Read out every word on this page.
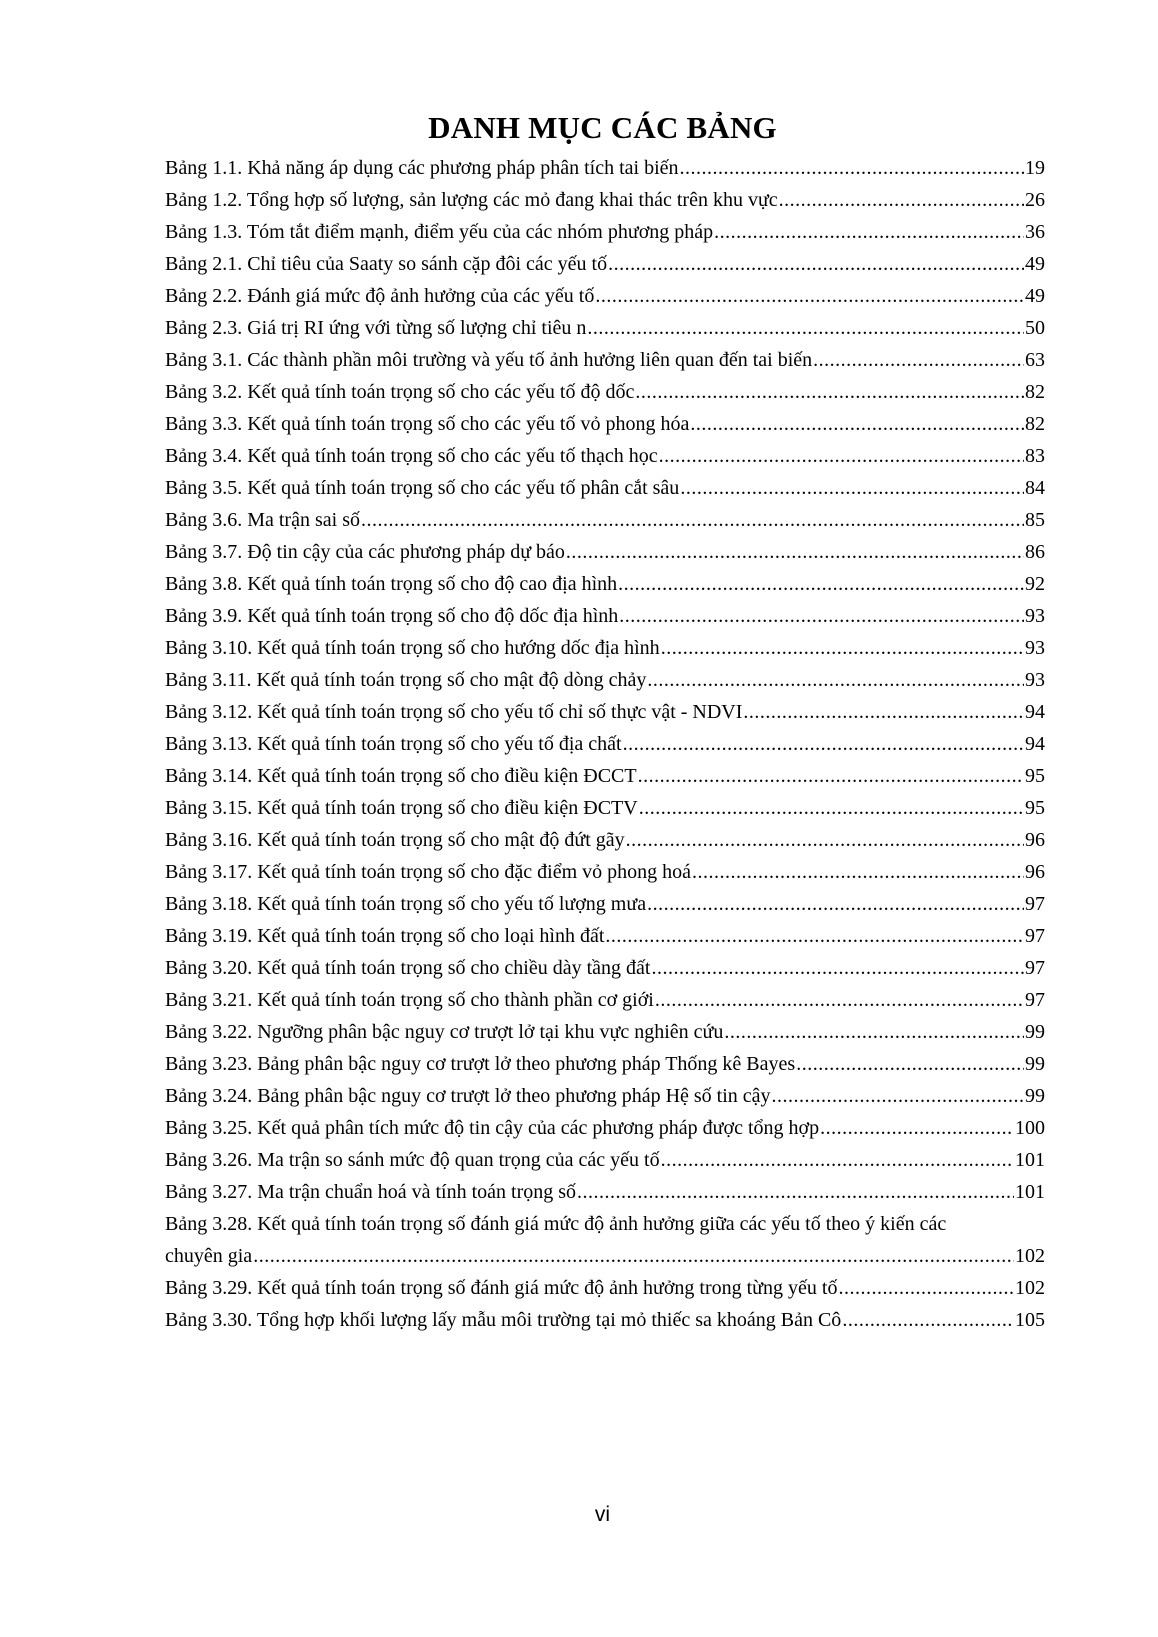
DANH MỤC CÁC BẢNG
Bảng 1.1. Khả năng áp dụng các phương pháp phân tích tai biến .....	19
Bảng 1.2. Tổng hợp số lượng, sản lượng các mỏ đang khai thác trên khu vực .....	26
Bảng 1.3. Tóm tắt điểm mạnh, điểm yếu của các nhóm phương pháp .....	36
Bảng 2.1. Chỉ tiêu của Saaty so sánh cặp đôi các yếu tố .....	49
Bảng 2.2. Đánh giá mức độ ảnh hưởng của các yếu tố .....	49
Bảng 2.3. Giá trị RI ứng với từng số lượng chỉ tiêu n .....	50
Bảng 3.1. Các thành phần môi trường và yếu tố ảnh hưởng liên quan đến tai biến .....	63
Bảng 3.2. Kết quả tính toán trọng số cho các yếu tố độ dốc .....	82
Bảng 3.3. Kết quả tính toán trọng số cho các yếu tố vỏ phong hóa .....	82
Bảng 3.4. Kết quả tính toán trọng số cho các yếu tố thạch học .....	83
Bảng 3.5. Kết quả tính toán trọng số cho các yếu tố phân cắt sâu .....	84
Bảng 3.6. Ma trận sai số .....	85
Bảng 3.7. Độ tin cậy của các phương pháp dự báo .....	86
Bảng 3.8. Kết quả tính toán trọng số cho độ cao địa hình .....	92
Bảng 3.9. Kết quả tính toán trọng số cho độ dốc địa hình .....	93
Bảng 3.10. Kết quả tính toán trọng số cho hướng dốc địa hình .....	93
Bảng 3.11. Kết quả tính toán trọng số cho mật độ dòng chảy .....	93
Bảng 3.12. Kết quả tính toán trọng số cho yếu tố chỉ số thực vật - NDVI .....	94
Bảng 3.13. Kết quả tính toán trọng số cho yếu tố địa chất .....	94
Bảng 3.14. Kết quả tính toán trọng số cho điều kiện ĐCCT .....	95
Bảng 3.15. Kết quả tính toán trọng số cho điều kiện ĐCTV .....	95
Bảng 3.16. Kết quả tính toán trọng số cho mật độ đứt gãy .....	96
Bảng 3.17. Kết quả tính toán trọng số cho đặc điểm vỏ phong hoá .....	96
Bảng 3.18. Kết quả tính toán trọng số cho yếu tố lượng mưa .....	97
Bảng 3.19. Kết quả tính toán trọng số cho loại hình đất .....	97
Bảng 3.20. Kết quả tính toán trọng số cho chiều dày tầng đất .....	97
Bảng 3.21. Kết quả tính toán trọng số cho thành phần cơ giới .....	97
Bảng 3.22. Ngưỡng phân bậc nguy cơ trượt lở tại khu vực nghiên cứu .....	99
Bảng 3.23. Bảng phân bậc nguy cơ trượt lở theo phương pháp Thống kê Bayes .....	99
Bảng 3.24. Bảng phân bậc nguy cơ trượt lở theo phương pháp Hệ số tin cậy .....	99
Bảng 3.25. Kết quả phân tích mức độ tin cậy của các phương pháp được tổng hợp .....	100
Bảng 3.26. Ma trận so sánh mức độ quan trọng của các yếu tố .....	101
Bảng 3.27. Ma trận chuẩn hoá và tính toán trọng số .....	101
Bảng 3.28. Kết quả tính toán trọng số đánh giá mức độ ảnh hưởng giữa các yếu tố theo ý kiến các
chuyên gia .....	102
Bảng 3.29. Kết quả tính toán trọng số đánh giá mức độ ảnh hưởng trong từng yếu tố .....	102
Bảng 3.30. Tổng hợp khối lượng lấy mẫu môi trường tại mỏ thiếc sa khoáng Bản Cô .....	105
vi
